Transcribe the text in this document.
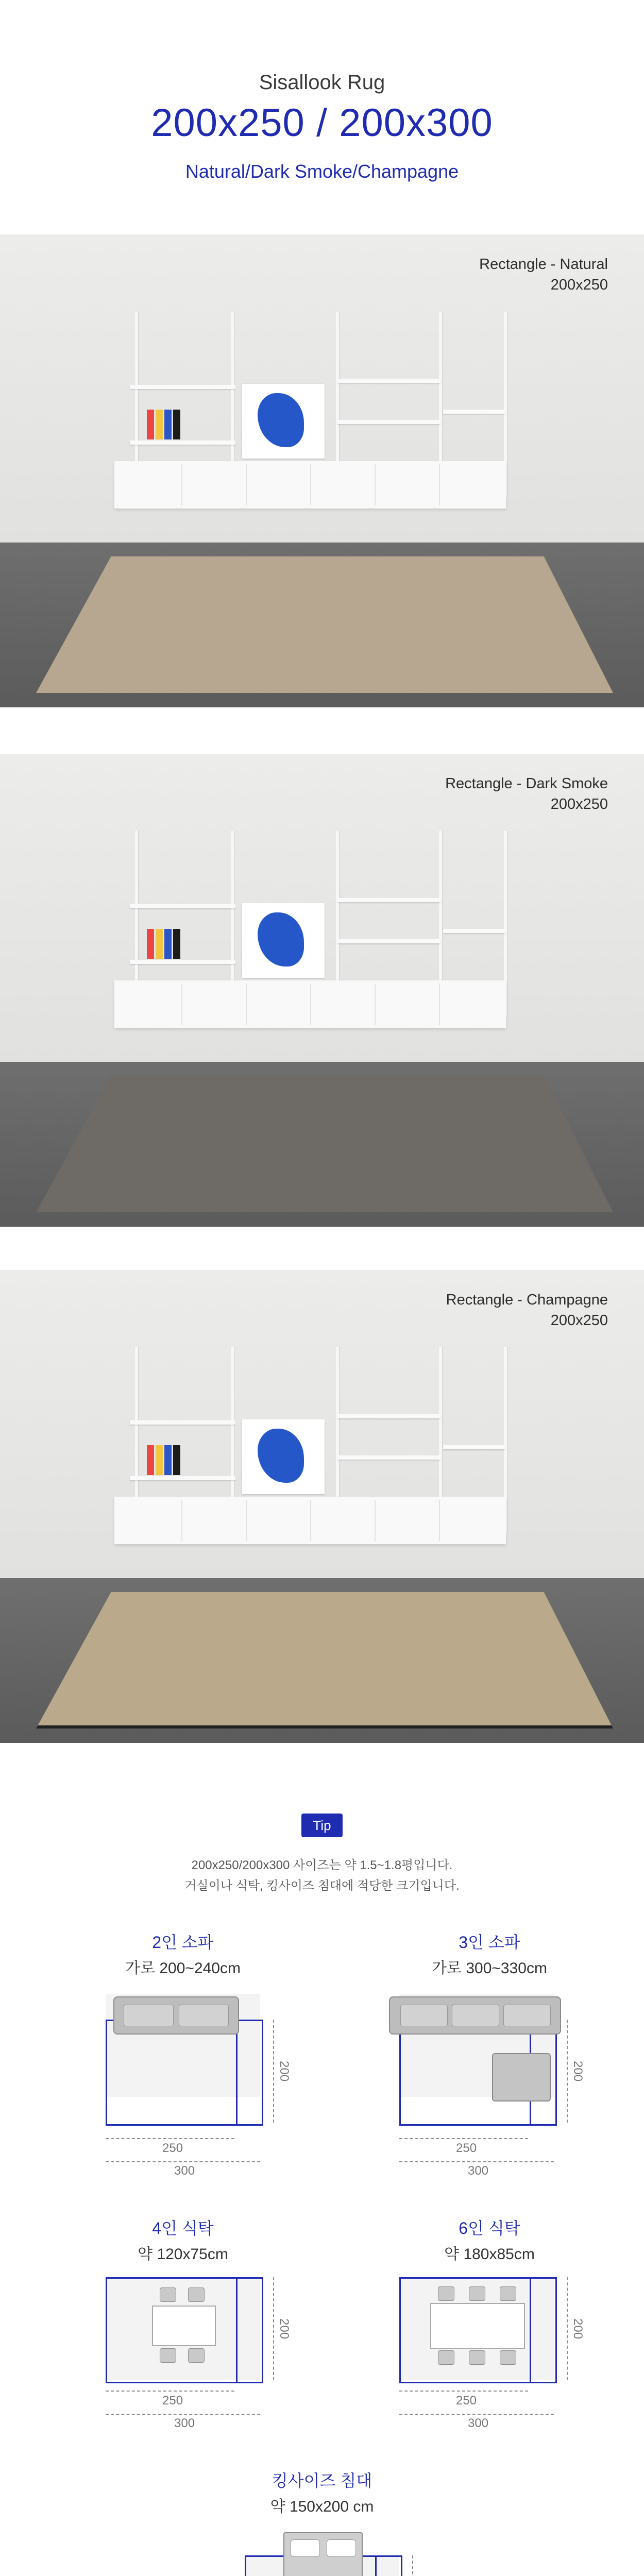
Sisallook Rug
200x250 / 200x300
Natural/Dark Smoke/Champagne
Rectangle - Natural
200x250
Rectangle - Dark Smoke
200x250
Rectangle - Champagne
200x250
Tip
200x250/200x300 사이즈는 약 1.5~1.8평입니다.
거실이나 식탁, 킹사이즈 침대에 적당한 크기입니다.
2인 소파
가로 200~240cm
200
250
300
3인 소파
가로 300~330cm
200
250
300
4인 식탁
약 120x75cm
200
250
300
6인 식탁
약 180x85cm
200
250
300
킹사이즈 침대
약 150x200 cm
